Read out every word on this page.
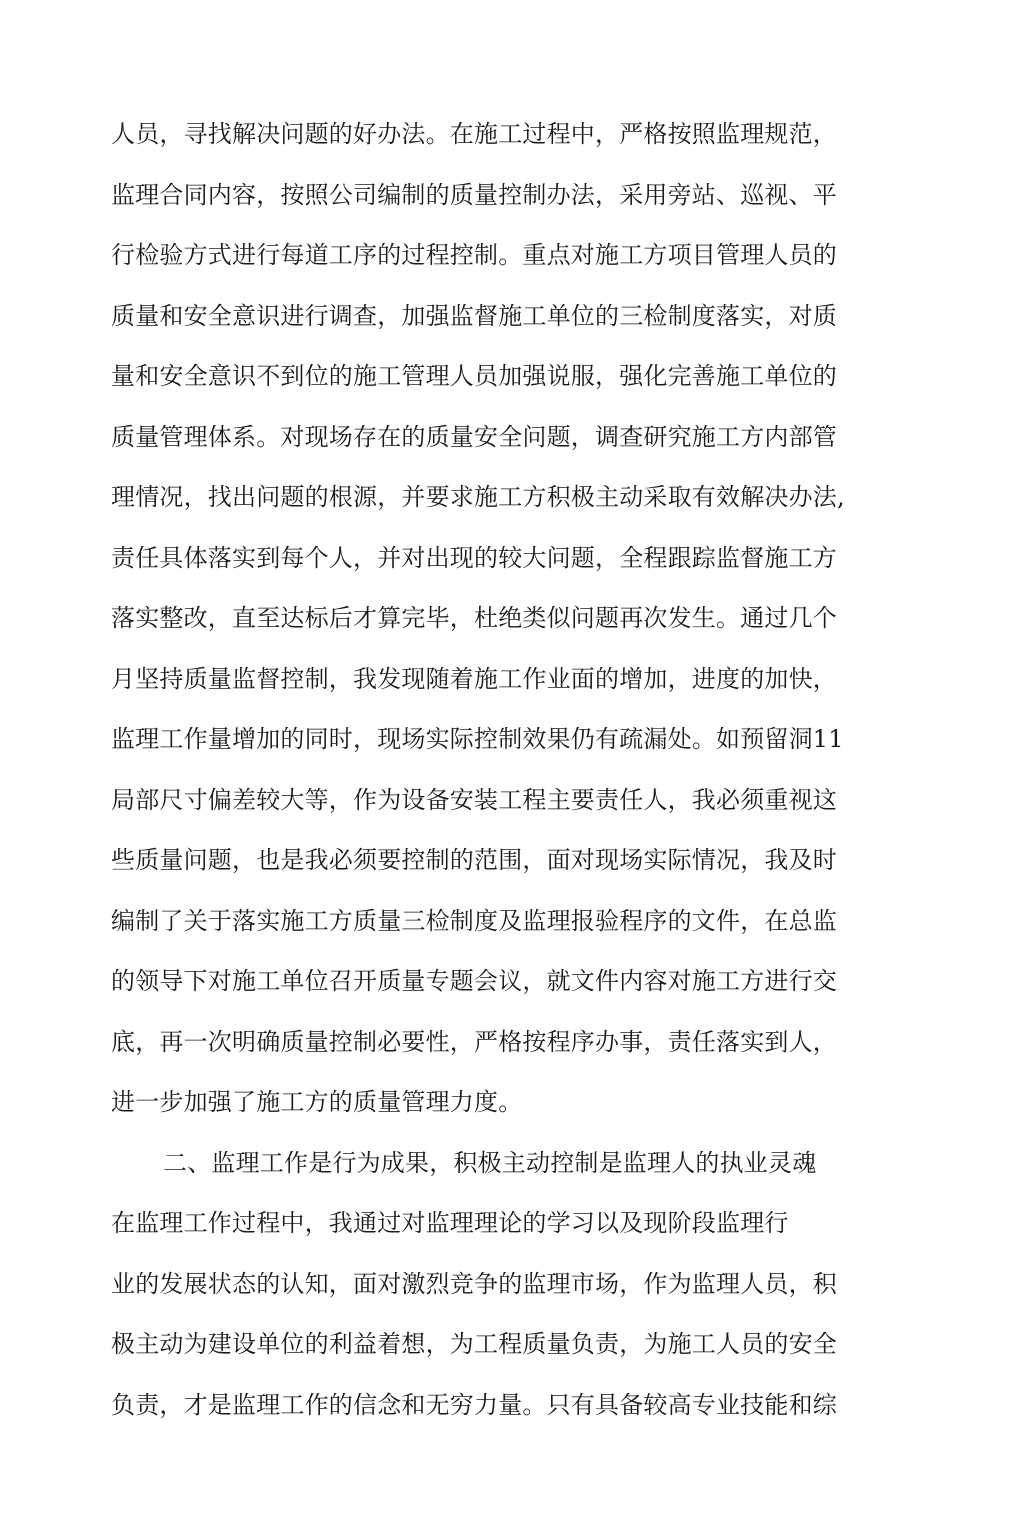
人员，寻找解决问题的好办法。在施工过程中，严格按照监理规范，
监理合同内容，按照公司编制的质量控制办法，采用旁站、巡视、平
行检验方式进行每道工序的过程控制。重点对施工方项目管理人员的
质量和安全意识进行调查，加强监督施工单位的三检制度落实，对质
量和安全意识不到位的施工管理人员加强说服，强化完善施工单位的
质量管理体系。对现场存在的质量安全问题，调查研究施工方内部管
理情况，找出问题的根源，并要求施工方积极主动采取有效解决办法,
责任具体落实到每个人，并对出现的较大问题，全程跟踪监督施工方
落实整改，直至达标后才算完毕，杜绝类似问题再次发生。通过几个
月坚持质量监督控制，我发现随着施工作业面的增加，进度的加快，
监理工作量增加的同时，现场实际控制效果仍有疏漏处。如预留洞11
局部尺寸偏差较大等，作为设备安装工程主要责任人，我必须重视这
些质量问题，也是我必须要控制的范围，面对现场实际情况，我及时
编制了关于落实施工方质量三检制度及监理报验程序的文件，在总监
的领导下对施工单位召开质量专题会议，就文件内容对施工方进行交
底，再一次明确质量控制必要性，严格按程序办事，责任落实到人，
进一步加强了施工方的质量管理力度。
二、监理工作是行为成果，积极主动控制是监理人的执业灵魂
在监理工作过程中，我通过对监理理论的学习以及现阶段监理行
业的发展状态的认知，面对激烈竞争的监理市场，作为监理人员，积
极主动为建设单位的利益着想，为工程质量负责，为施工人员的安全
负责，才是监理工作的信念和无穷力量。只有具备较高专业技能和综
